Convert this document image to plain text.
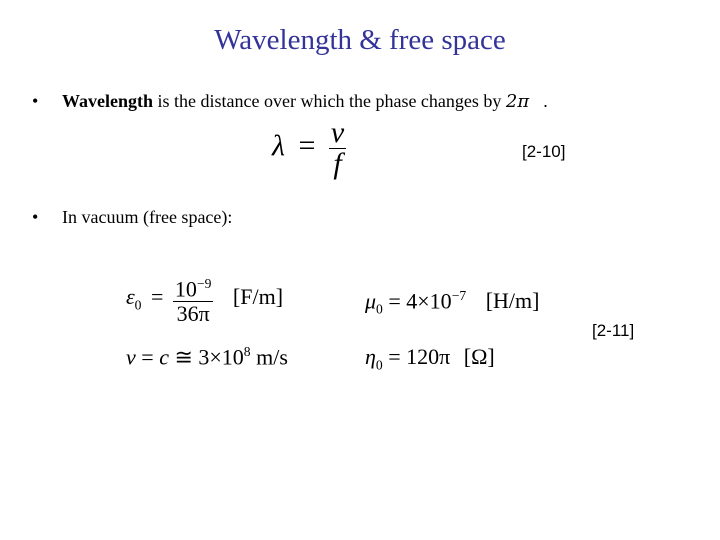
Wavelength & free space
• Wavelength is the distance over which the phase changes by 2π .
$\lambda = \frac{v}{f}$	[2-10]
• In vacuum (free space):
$\varepsilon_0 = \frac{10^{-9}}{36\pi} [F/m]$	$\mu_0 = 4\times 10^{-7}$ [H/m]
v = c ≅ $3\times 10^8$ m/s	$\eta_0 = 120\pi$ [Ω]
[2-11]
